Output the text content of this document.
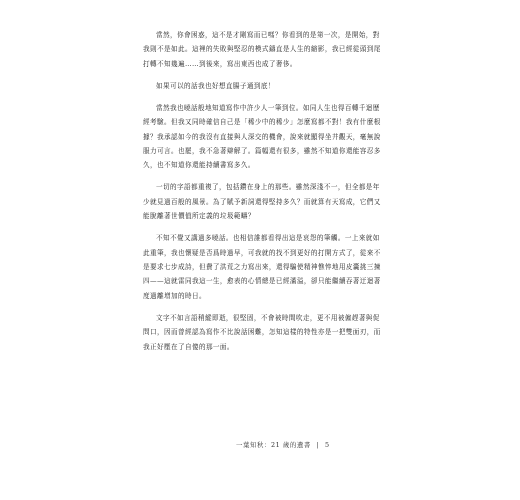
當然，你會困惑，這不是才剛寫而已嗎？你看到的是第一次，是開始，對我則不是如此。這裡的失敗與堅忍的模式鑄直是人生的縮影，我已經從頭到尾打轉不知幾遍……到後來，寫出東西也成了奢侈。

如果可以的話我也好想直腸子通到底！

當然我也曉話般地知道寫作中許少人一筆到位。如同人生也得百轉千迴歷經考驗。但我又同時確信自己是「稀少中的稀少」怎麼寫都不對！我有什麼根據？我承認如今的我沒有直接與人深交的機會，說來就顯得坐井觀天，毫無說服力可言。也罷，我不急著辯解了。篇幅還有很多，雖然不知道你還能容忍多久，也不知道你還能持續書寫多久。

一切的字語都重複了，包括鑽在身上的那些。雖然深淺不一，但全都是年少就見過百般的風景。為了賦予新詞還得堅持多久？而就算有天寫成，它們又能脫離著世價值所定義的垃圾範疇？

不知不覺又講過多曉話。也相信誰都看得出這是哀怨的筆觸。一上來就如此重筆，我也懷疑是否爲時過早，可我就的找不到更好的打開方式了，從來不是要求七步成詩，但費了洪荒之力寫出來，還得騙使精神憔悴地用皮囊挑三揀四——這就雷同我這一生，愈表的心情總是已經滿溢，卻只能繼續吞著迂迴著度過離增加的時日。

文字不如言語稍縱即逝，很堅固，不會被時間吹走，更不用被僱趕著與促問口，因而曾經認為寫作不比說話困難，怎知這樣的特性亦是一把雙面刃，而我正好壓在了自傻的那一面。

一葉知秋：21 歲的遺書 | 5
